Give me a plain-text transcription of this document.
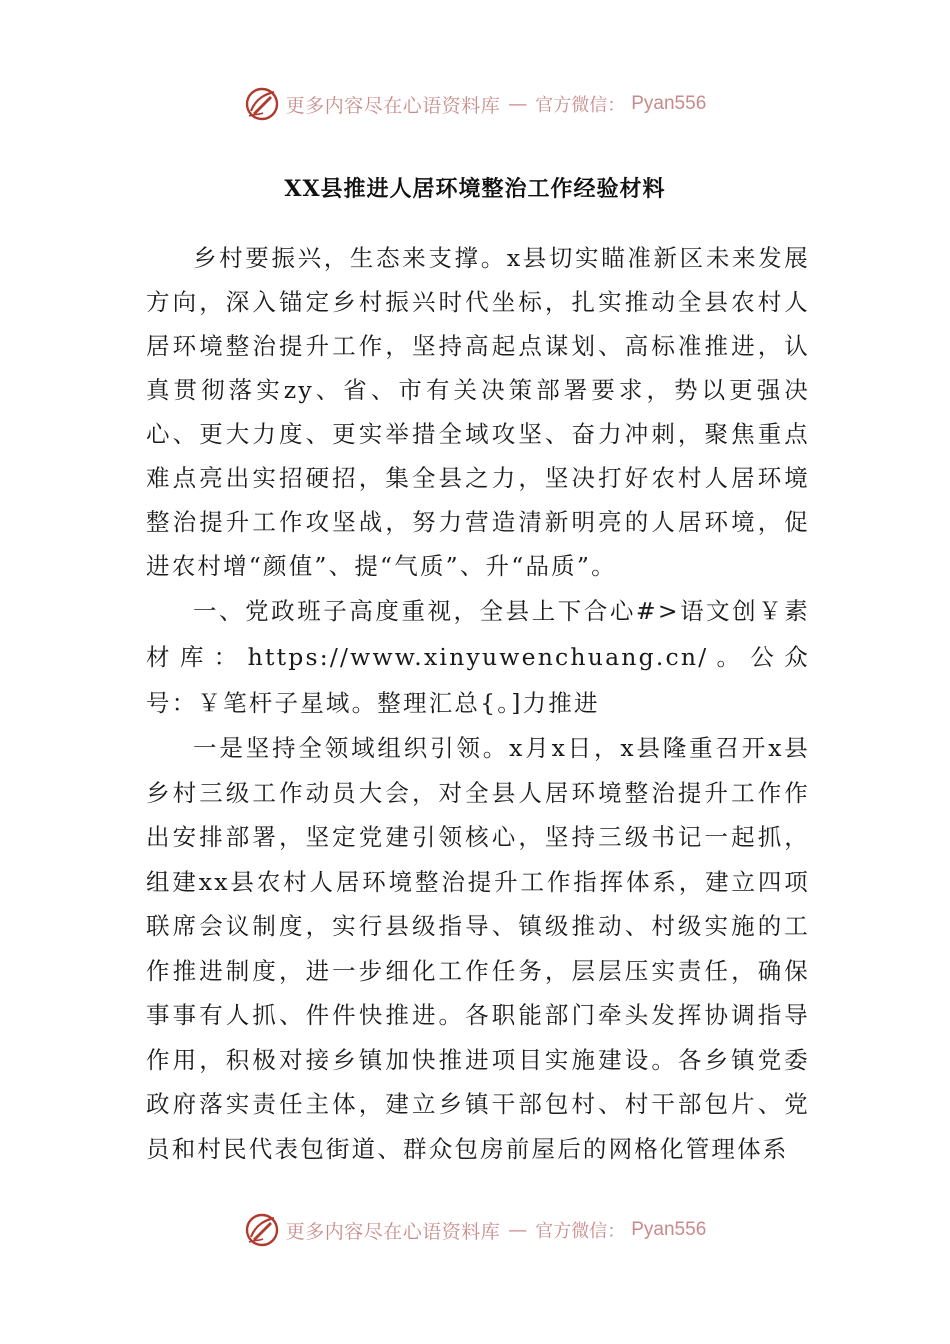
更多内容尽在心语资料库 — 官方微信： Pyan556
XX县推进人居环境整治工作经验材料

乡村要振兴，生态来支撑。x县切实瞄准新区未来发展方向，深入锚定乡村振兴时代坐标，扎实推动全县农村人居环境整治提升工作，坚持高起点谋划、高标准推进，认真贯彻落实zy、省、市有关决策部署要求，势以更强决心、更大力度、更实举措全域攻坚、奋力冲刺，聚焦重点难点亮出实招硬招，集全县之力，坚决打好农村人居环境整治提升工作攻坚战，努力营造清新明亮的人居环境，促进农村增“颜值”、提“气质”、升“品质”。

一、党政班子高度重视，全县上下合心#>语文创￥素材库：https://www.xinyuwenchuang.cn/。公众号：￥笔杆子星域。整理汇总{。]力推进

一是坚持全领域组织引领。x月x日，x县隆重召开x县乡村三级工作动员大会，对全县人居环境整治提升工作作出安排部署，坚定党建引领核心，坚持三级书记一起抓，组建xx县农村人居环境整治提升工作指挥体系，建立四项联席会议制度，实行县级指导、镇级推动、村级实施的工作推进制度，进一步细化工作任务，层层压实责任，确保事事有人抓、件件快推进。各职能部门牵头发挥协调指导作用，积极对接乡镇加快推进项目实施建设。各乡镇党委政府落实责任主体，建立乡镇干部包村、村干部包片、党员和村民代表包街道、群众包房前屋后的网格化管理体系

更多内容尽在心语资料库 — 官方微信： Pyan556
